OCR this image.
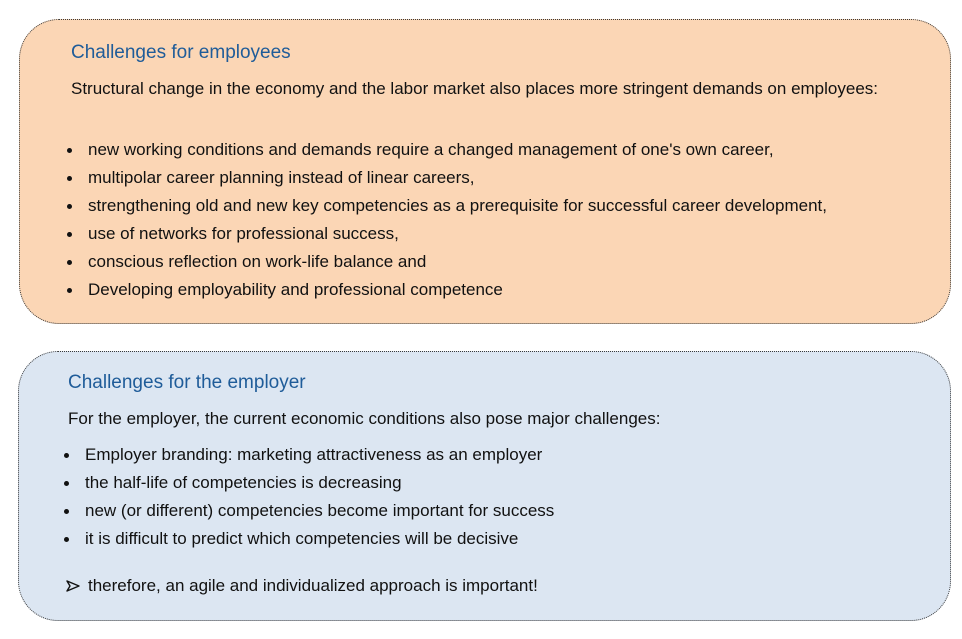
Challenges for employees

Structural change in the economy and the labor market also places more stringent demands on employees:

new working conditions and demands require a changed management of one's own career,
multipolar career planning instead of linear careers,
strengthening old and new key competencies as a prerequisite for successful career development,
use of networks for professional success,
conscious reflection on work-life balance and
Developing employability and professional competence
Challenges for the employer

For the employer, the current economic conditions also pose major challenges:

Employer branding: marketing attractiveness as an employer
the half-life of competencies is decreasing
new (or different) competencies become important for success
it is difficult to predict which competencies will be decisive
therefore, an agile and individualized approach is important!
